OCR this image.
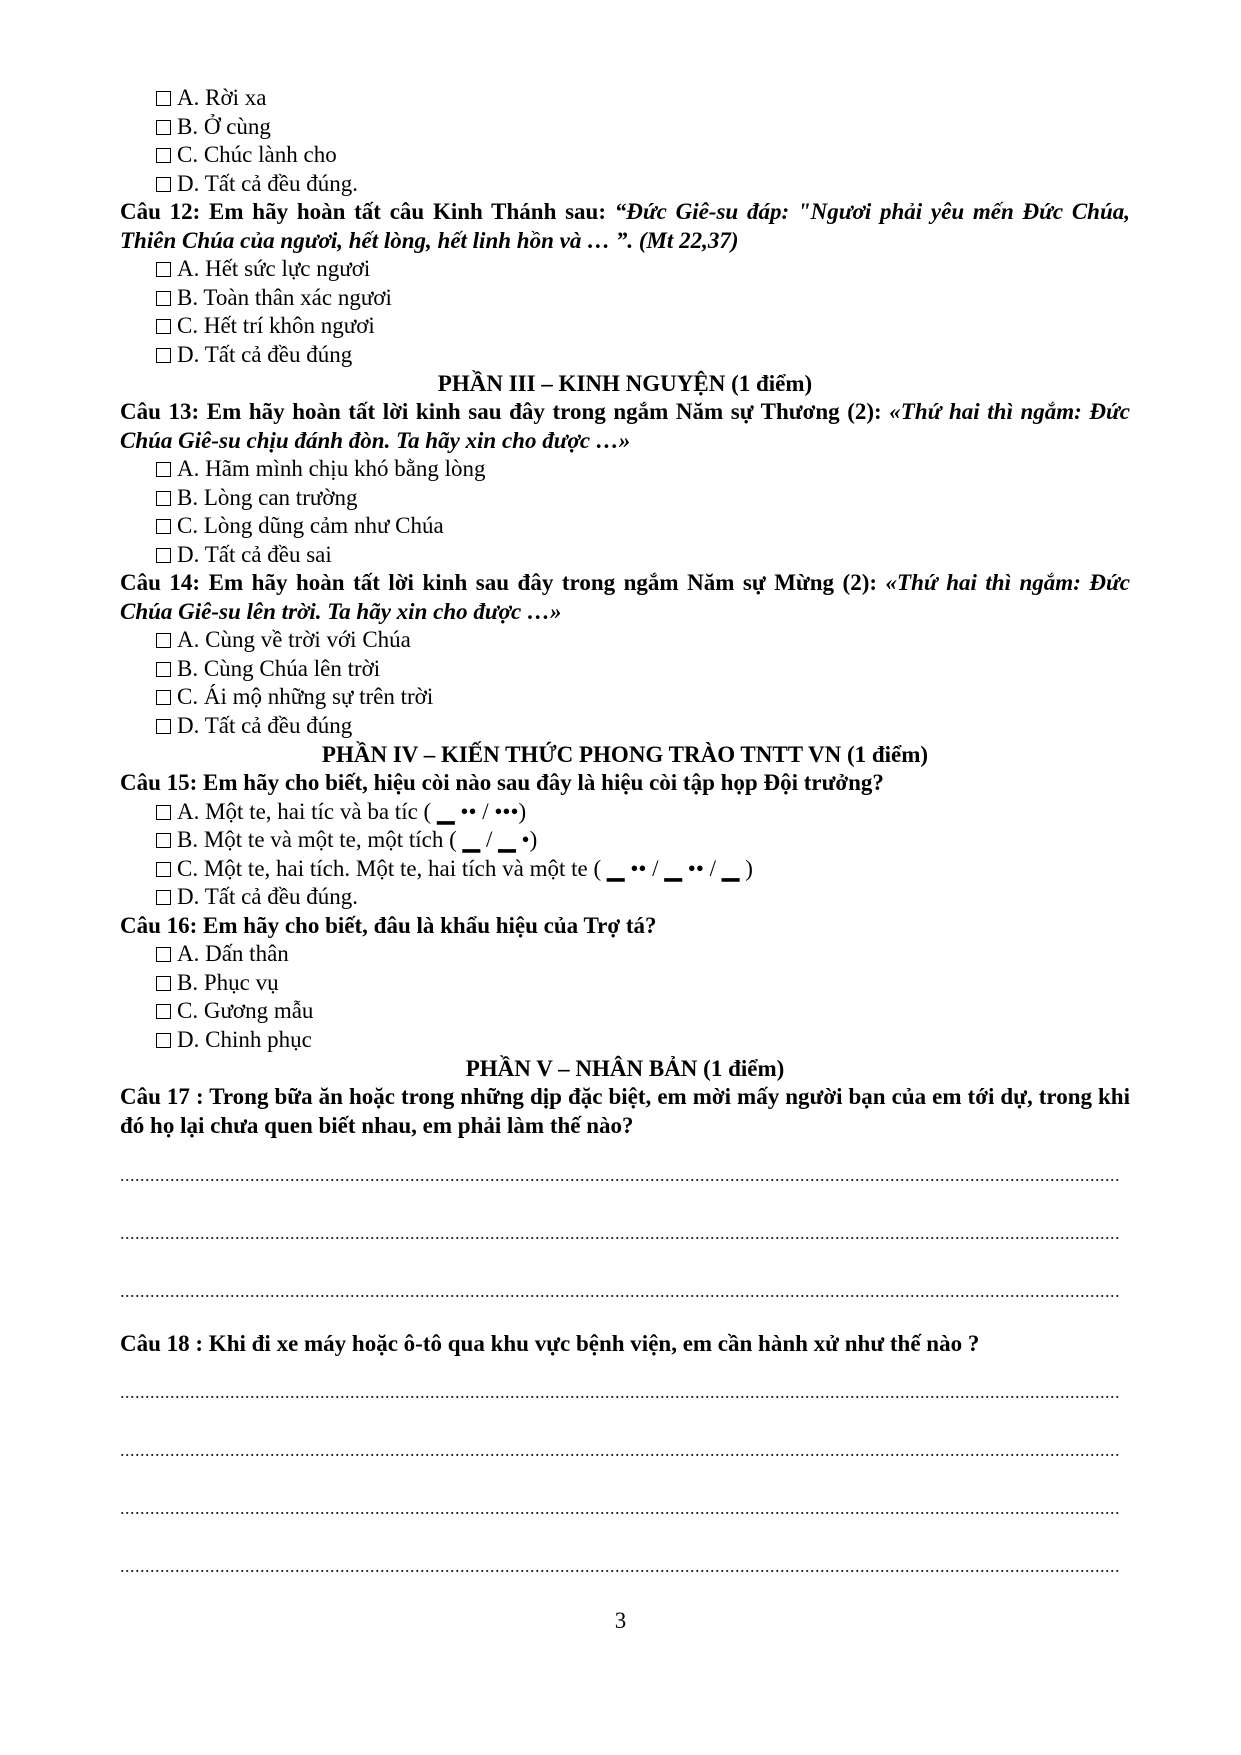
A. Rời xa
B. Ở cùng
C. Chúc lành cho
D. Tất cả đều đúng.
Câu 12: Em hãy hoàn tất câu Kinh Thánh sau: “Đức Giê-su đáp: "Ngươi phải yêu mến Đức Chúa, Thiên Chúa của ngươi, hết lòng, hết linh hồn và … ”. (Mt 22,37)
A. Hết sức lực ngươi
B. Toàn thân xác ngươi
C. Hết trí khôn ngươi
D. Tất cả đều đúng
PHẦN III – KINH NGUYỆN (1 điểm)
Câu 13: Em hãy hoàn tất lời kinh sau đây trong ngắm Năm sự Thương (2): «Thứ hai thì ngắm: Đức Chúa Giê-su chịu đánh đòn. Ta hãy xin cho được …»
A. Hãm mình chịu khó bằng lòng
B. Lòng can trường
C. Lòng dũng cảm như Chúa
D. Tất cả đều sai
Câu 14: Em hãy hoàn tất lời kinh sau đây trong ngắm Năm sự Mừng (2): «Thứ hai thì ngắm: Đức Chúa Giê-su lên trời. Ta hãy xin cho được …»
A. Cùng về trời với Chúa
B. Cùng Chúa lên trời
C. Ái mộ những sự trên trời
D. Tất cả đều đúng
PHẦN IV – KIẾN THỨC PHONG TRÀO TNTT VN (1 điểm)
Câu 15: Em hãy cho biết, hiệu còi nào sau đây là hiệu còi tập họp Đội trưởng?
A. Một te, hai tíc và ba tíc ( ▁ •• / •••)
B. Một te và một te, một tích ( ▁ / ▁ •)
C. Một te, hai tích. Một te, hai tích và một te ( ▁ •• / ▁ •• / ▁ )
D. Tất cả đều đúng.
Câu 16: Em hãy cho biết, đâu là khẩu hiệu của Trợ tá?
A. Dấn thân
B. Phục vụ
C. Gương mẫu
D. Chinh phục
PHẦN V – NHÂN BẢN (1 điểm)
Câu 17 : Trong bữa ăn hoặc trong những dịp đặc biệt, em mời mấy người bạn của em tới dự, trong khi đó họ lại chưa quen biết nhau, em phải làm thế nào?
.....
.....
.....
Câu 18 : Khi đi xe máy hoặc ô-tô qua khu vực bệnh viện, em cần hành xử như thế nào ?
.....
.....
.....
.....
3
